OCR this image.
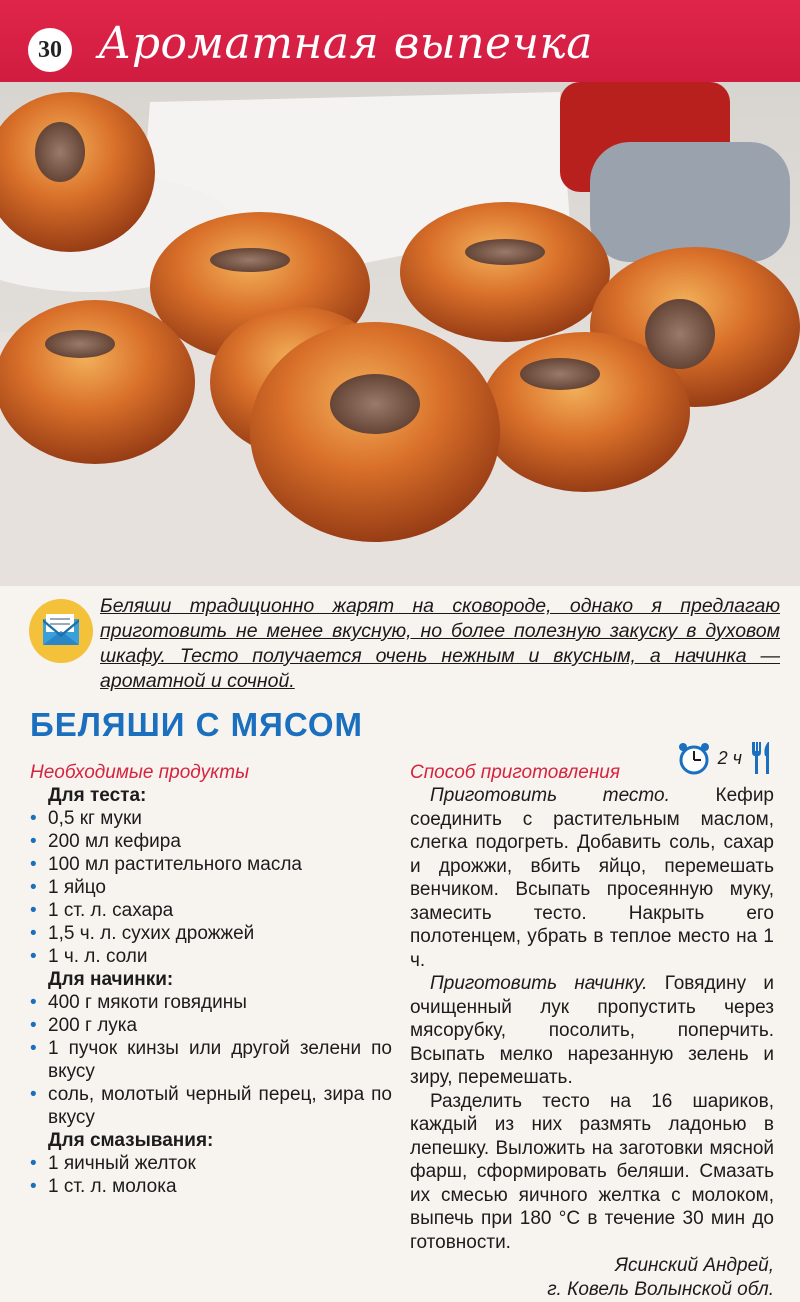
30 Ароматная выпечка
Беляши традиционно жарят на сковороде, однако я предлагаю приготовить не менее вкусную, но более полезную закуску в духовом шкафу. Тесто получается очень нежным и вкусным, а начинка — ароматной и сочной.
БЕЛЯШИ С МЯСОМ
Необходимые продукты
Для теста:
• 0,5 кг муки
• 200 мл кефира
• 100 мл растительного масла
• 1 яйцо
• 1 ст. л. сахара
• 1,5 ч. л. сухих дрожжей
• 1 ч. л. соли
Для начинки:
• 400 г мякоти говядины
• 200 г лука
• 1 пучок кинзы или другой зелени по вкусу
• соль, молотый черный перец, зира по вкусу
Для смазывания:
• 1 яичный желток
• 1 ст. л. молока
2 ч
Способ приготовления

Приготовить тесто. Кефир соединить с растительным маслом, слегка подогреть. Добавить соль, сахар и дрожжи, вбить яйцо, перемешать венчиком. Всыпать просеянную муку, замесить тесто. Накрыть его полотенцем, убрать в теплое место на 1 ч.

Приготовить начинку. Говядину и очищенный лук пропустить через мясорубку, посолить, поперчить. Всыпать мелко нарезанную зелень и зиру, перемешать.

Разделить тесто на 16 шариков, каждый из них размять ладонью в лепешку. Выложить на заготовки мясной фарш, сформировать беляши. Смазать их смесью яичного желтка с молоком, выпечь при 180 °С в течение 30 мин до готовности.

Ясинский Андрей,
г. Ковель Волынской обл.
